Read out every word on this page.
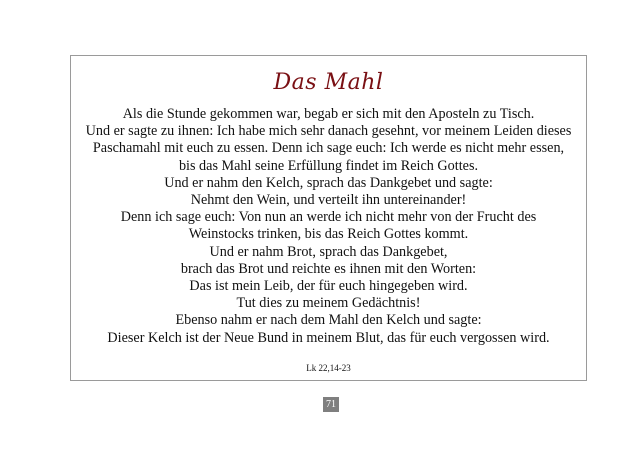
Das Mahl
Als die Stunde gekommen war, begab er sich mit den Aposteln zu Tisch.
Und er sagte zu ihnen: Ich habe mich sehr danach gesehnt, vor meinem Leiden dieses
Paschamahl mit euch zu essen. Denn ich sage euch: Ich werde es nicht mehr essen,
bis das Mahl seine Erfüllung findet im Reich Gottes.
Und er nahm den Kelch, sprach das Dankgebet und sagte:
Nehmt den Wein, und verteilt ihn untereinander!
Denn ich sage euch: Von nun an werde ich nicht mehr von der Frucht des
Weinstocks trinken, bis das Reich Gottes kommt.
Und er nahm Brot, sprach das Dankgebet,
brach das Brot und reichte es ihnen mit den Worten:
Das ist mein Leib, der für euch hingegeben wird.
Tut dies zu meinem Gedächtnis!
Ebenso nahm er nach dem Mahl den Kelch und sagte:
Dieser Kelch ist der Neue Bund in meinem Blut, das für euch vergossen wird.
Lk 22,14-23
71
